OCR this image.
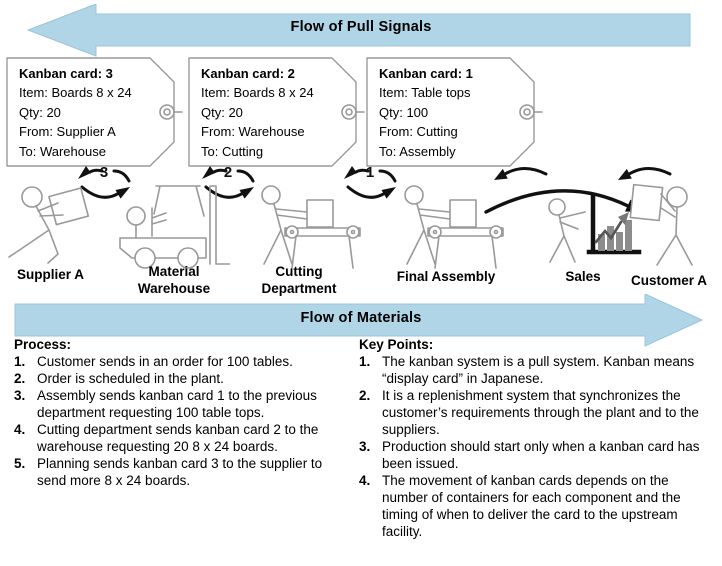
Flow of Pull Signals
Kanban card: 3
Item: Boards 8 x 24
Qty: 20
From: Supplier A
To: Warehouse
Kanban card: 2
Item: Boards 8 x 24
Qty: 20
From: Warehouse
To: Cutting
Kanban card: 1
Item: Table tops
Qty: 100
From: Cutting
To: Assembly
3	2	1
Supplier A	Material Warehouse
Cutting Department
Final Assembly	Sales	Customer A
Flow of Materials
Process:
1. Customer sends in an order for 100 tables.
2. Order is scheduled in the plant.
3. Assembly sends kanban card 1 to the previous department requesting 100 table tops.
4. Cutting department sends kanban card 2 to the warehouse requesting 20 8 x 24 boards.
5. Planning sends kanban card 3 to the supplier to send more 8 x 24 boards.
Key Points:
1. The kanban system is a pull system. Kanban means “display card” in Japanese.
2. It is a replenishment system that synchronizes the customer’s requirements through the plant and to the suppliers.
3. Production should start only when a kanban card has been issued.
4. The movement of kanban cards depends on the number of containers for each component and the timing of when to deliver the card to the upstream facility.
